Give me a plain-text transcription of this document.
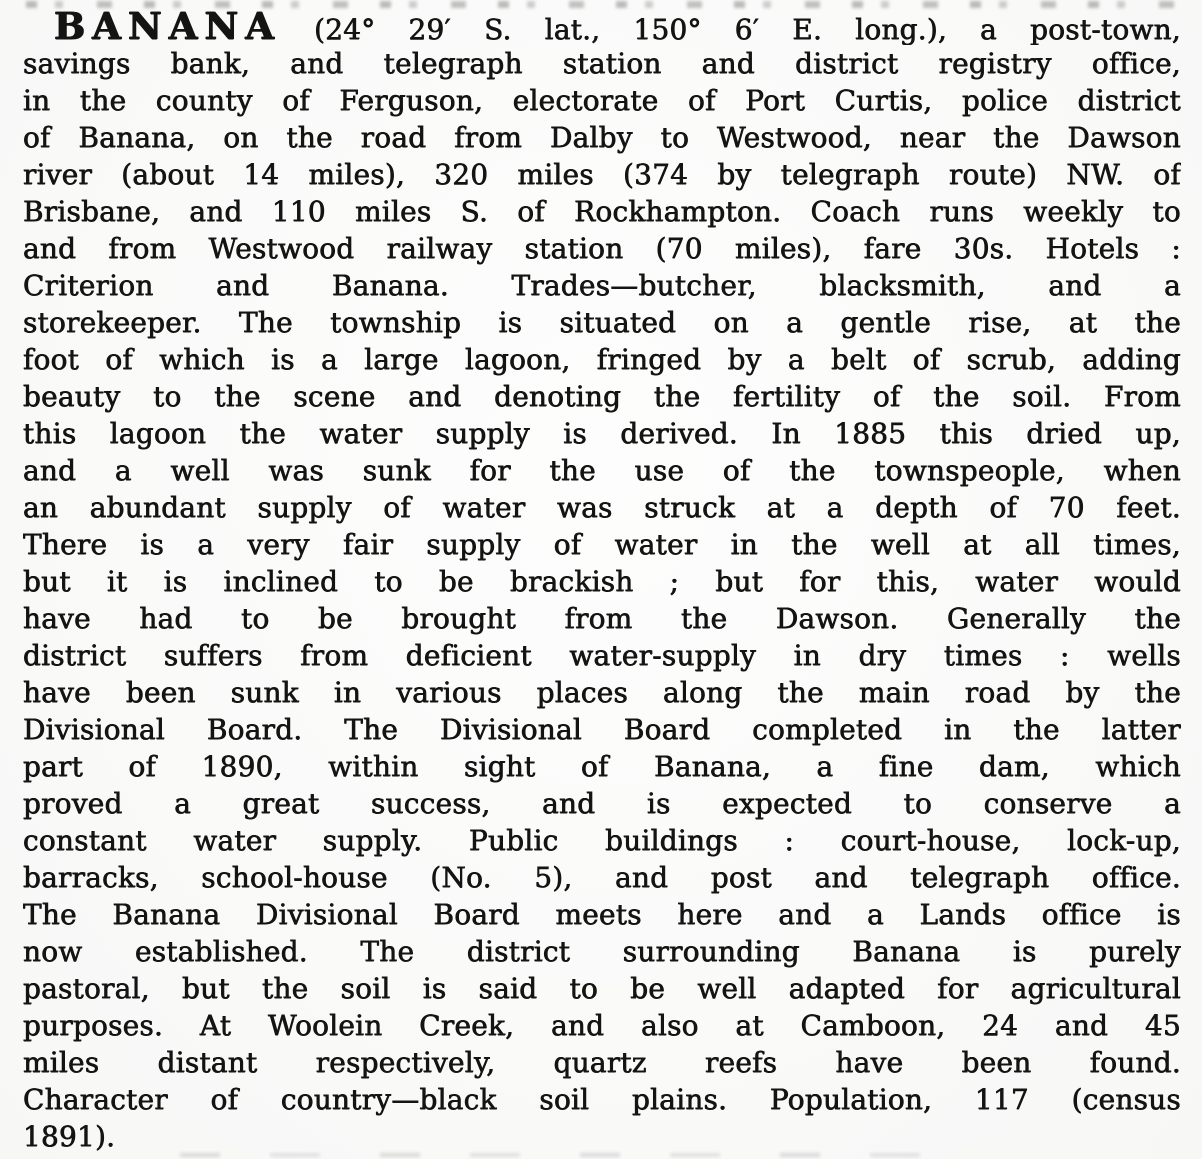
BANANA (24° 29′ S. lat., 150° 6′ E. long.), a post-town,
savings bank, and telegraph station and district registry office,
in the county of Ferguson, electorate of Port Curtis, police district
of Banana, on the road from Dalby to Westwood, near the Dawson
river (about 14 miles), 320 miles (374 by telegraph route) NW. of
Brisbane, and 110 miles S. of Rockhampton. Coach runs weekly to
and from Westwood railway station (70 miles), fare 30s. Hotels :
Criterion and Banana. Trades—butcher, blacksmith, and a
storekeeper. The township is situated on a gentle rise, at the
foot of which is a large lagoon, fringed by a belt of scrub, adding
beauty to the scene and denoting the fertility of the soil. From
this lagoon the water supply is derived. In 1885 this dried up,
and a well was sunk for the use of the townspeople, when
an abundant supply of water was struck at a depth of 70 feet.
There is a very fair supply of water in the well at all times,
but it is inclined to be brackish ; but for this, water would
have had to be brought from the Dawson. Generally the
district suffers from deficient water-supply in dry times : wells
have been sunk in various places along the main road by the
Divisional Board. The Divisional Board completed in the latter
part of 1890, within sight of Banana, a fine dam, which
proved a great success, and is expected to conserve a
constant water supply. Public buildings : court-house, lock-up,
barracks, school-house (No. 5), and post and telegraph office.
The Banana Divisional Board meets here and a Lands office is
now established. The district surrounding Banana is purely
pastoral, but the soil is said to be well adapted for agricultural
purposes. At Woolein Creek, and also at Camboon, 24 and 45
miles distant respectively, quartz reefs have been found.
Character of country—black soil plains. Population, 117 (census
1891).
